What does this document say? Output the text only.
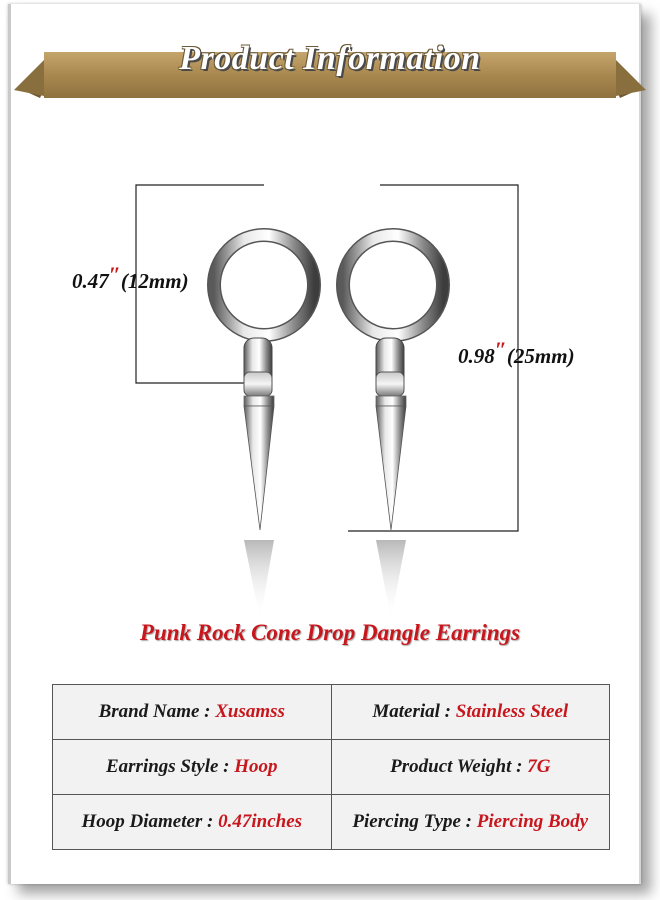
Product Information
0.47″(12mm)
0.98″(25mm)
Punk Rock Cone Drop Dangle Earrings
Brand Name : Xusamss	Material : Stainless Steel
Earrings Style : Hoop	Product Weight : 7G
Hoop Diameter : 0.47inches	Piercing Type : Piercing Body
